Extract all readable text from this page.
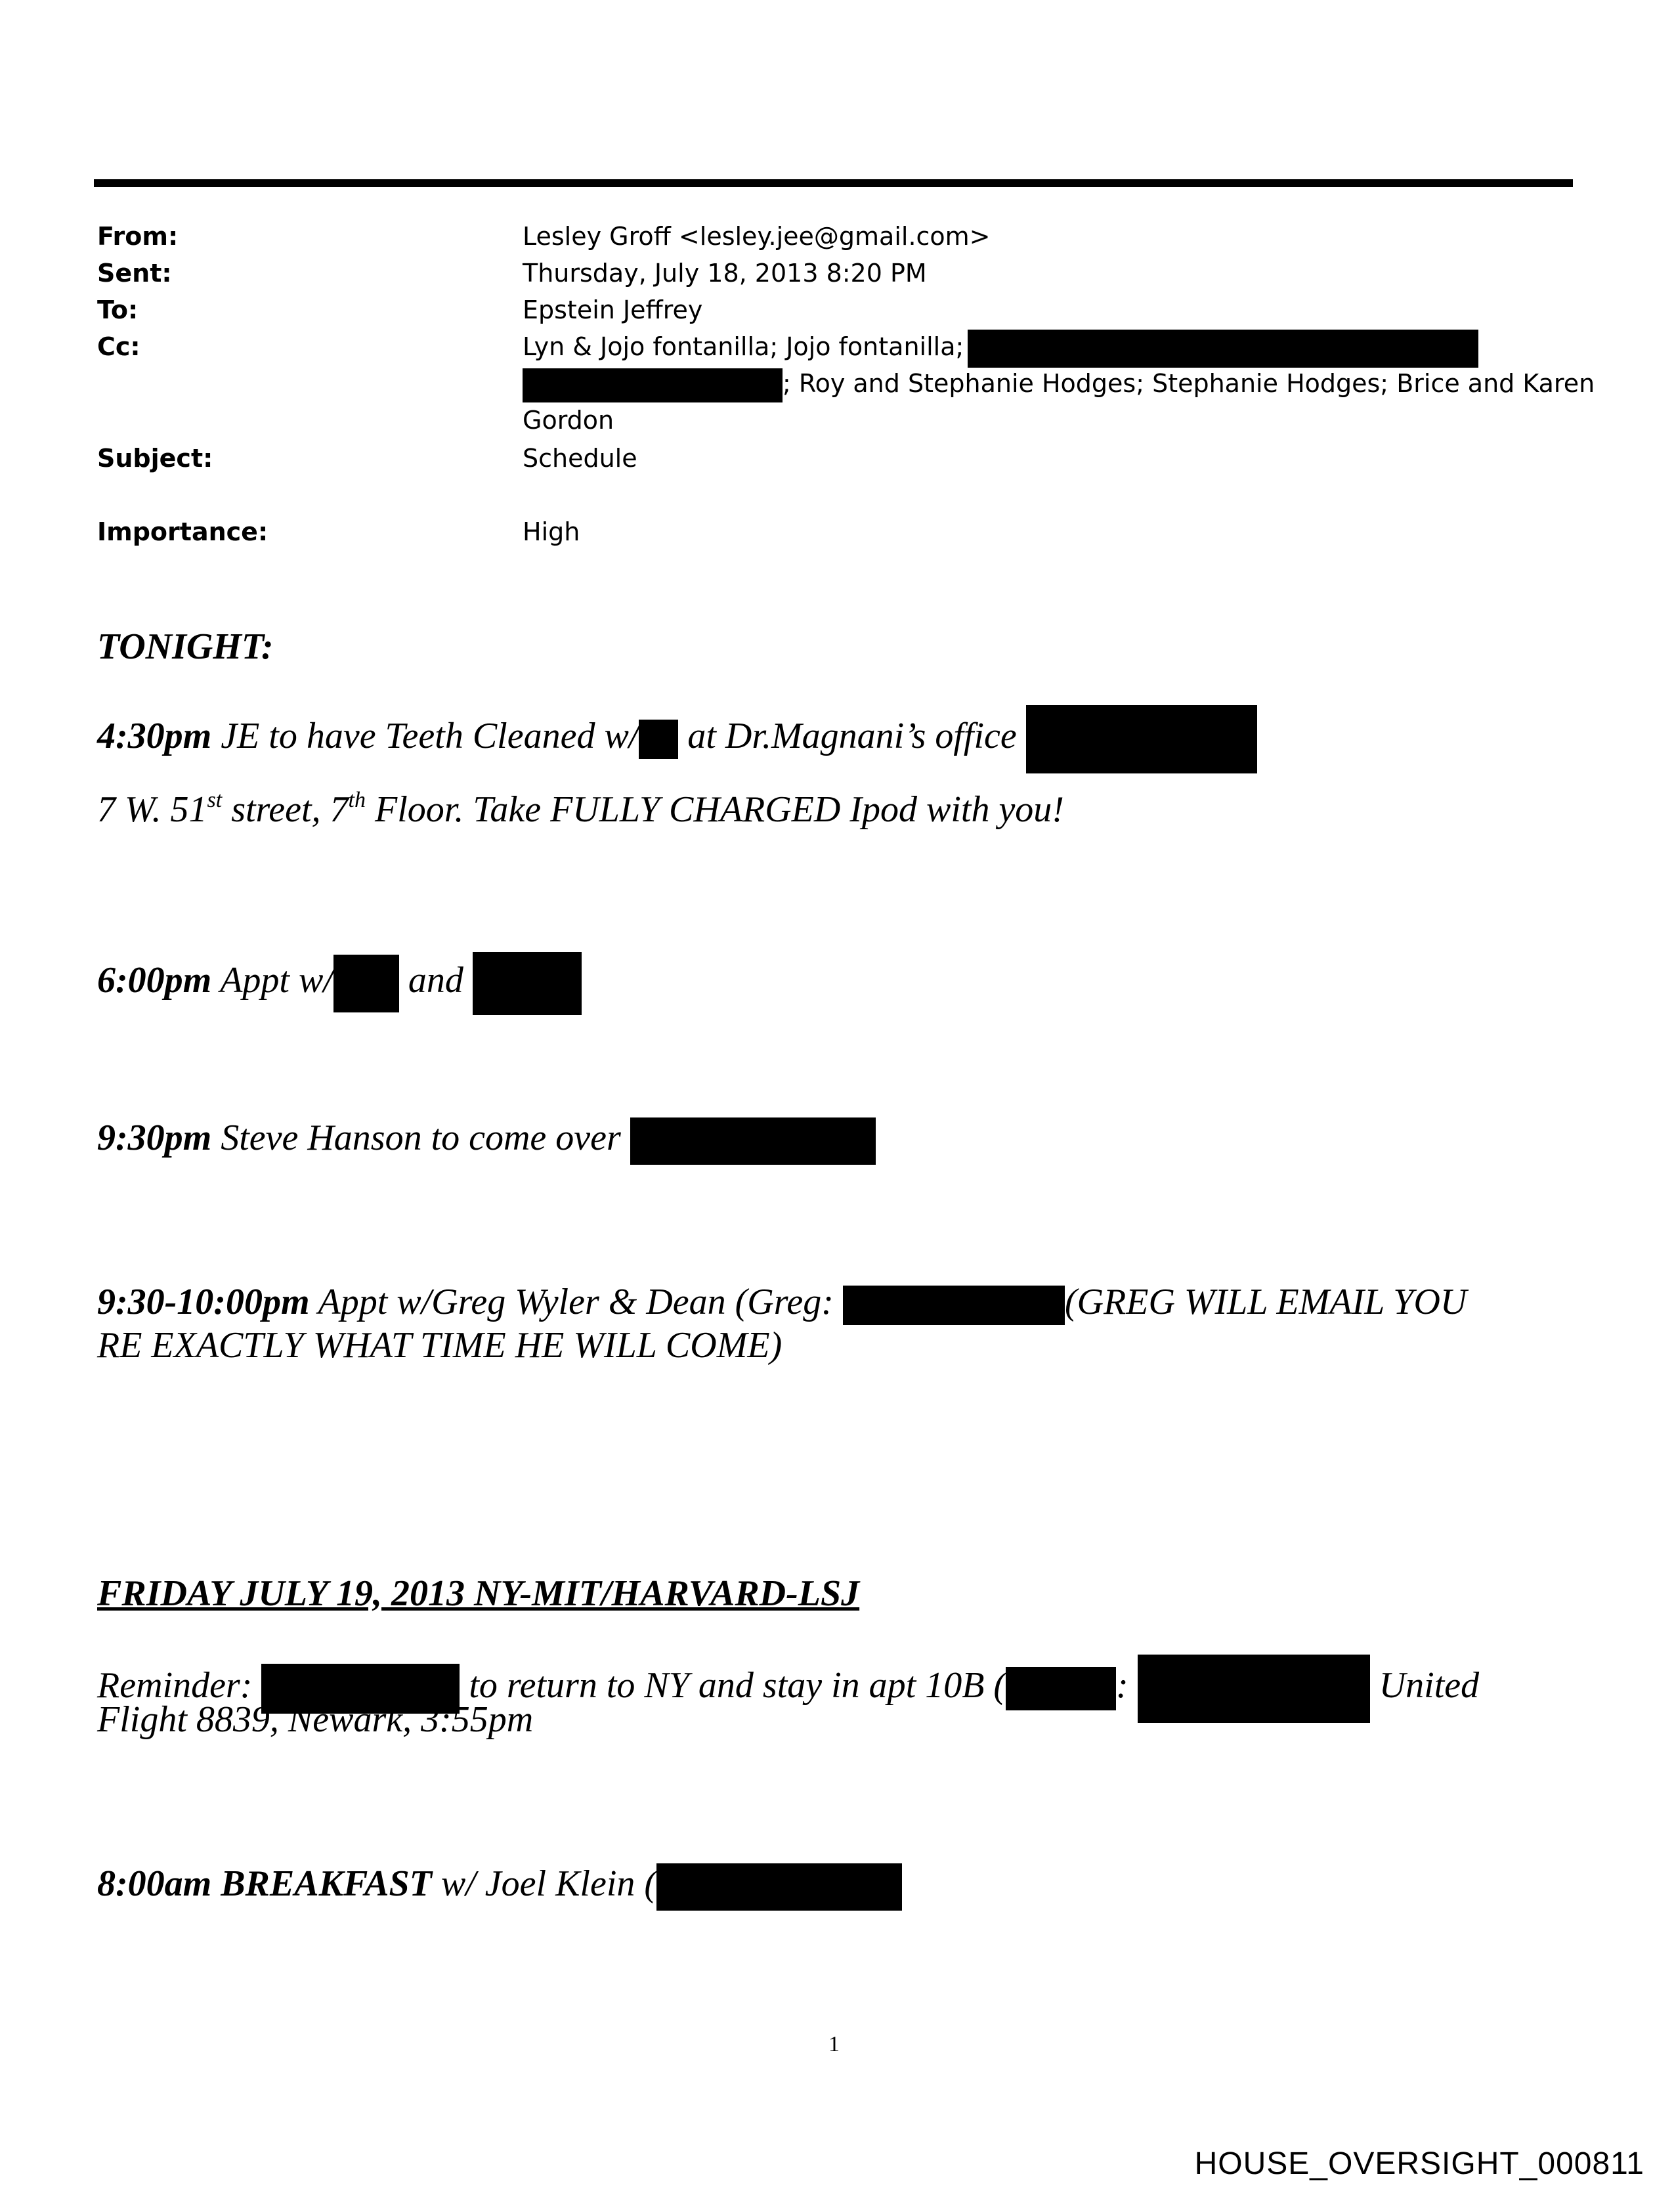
From:	Lesley Groff <lesley.jee@gmail.com>
Sent:	Thursday, July 18, 2013 8:20 PM
To:	Epstein Jeffrey
Cc:	Lyn & Jojo fontanilla; Jojo fontanilla;
; Roy and Stephanie Hodges; Stephanie Hodges; Brice and Karen
Gordon
Subject:	Schedule
Importance:	High
TONIGHT:
4:30pm JE to have Teeth Cleaned w/ at Dr.Magnani’s office
7 W. 51st street, 7th Floor. Take FULLY CHARGED Ipod with you!
6:00pm Appt w/ and
9:30pm Steve Hanson to come over
9:30-10:00pm Appt w/Greg Wyler & Dean (Greg:	(GREG WILL EMAIL YOU
RE EXACTLY WHAT TIME HE WILL COME)
FRIDAY JULY 19, 2013 NY-MIT/HARVARD-LSJ
Reminder:	to return to NY and stay in apt 10B (	:	United
Flight 8839, Newark, 3:55pm
8:00am BREAKFAST w/ Joel Klein (
1
HOUSE_OVERSIGHT_000811
